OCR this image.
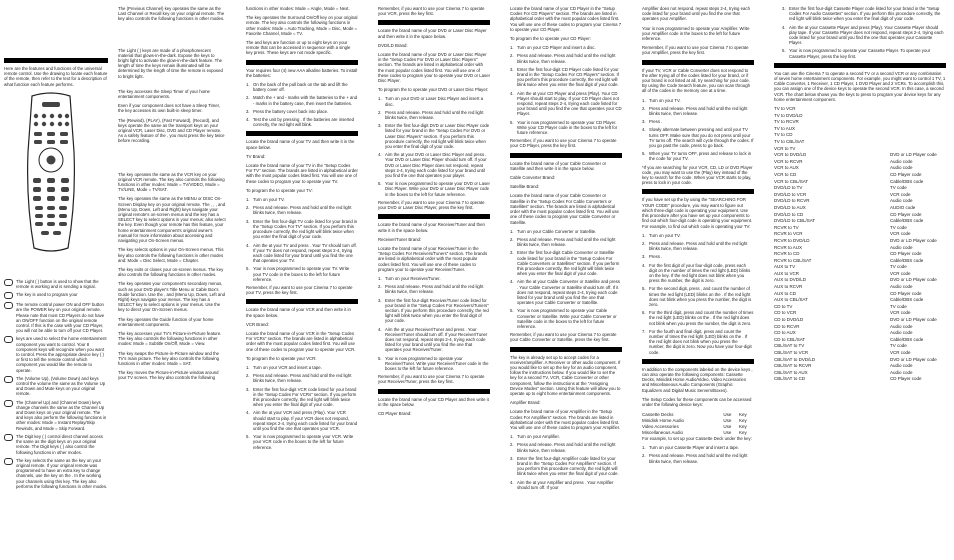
Here are the features and functions of the universal remote control. Use the drawing to locate each feature of the remote, then refer to the text for a description of what function each feature performs.

The Light ( ) button is used to show that the remote is working and is sending a signal.
The key is used to program your
The remote control power ON and OFF button are the POWER key on your original remote. Please note that most CD Players do not have an ON/OFF function on the original remote control. If this is the case with your CD Player, you will not be able to turn off your CD Player.
keys are used to select the home entertainment component you want to control. Your 8 component keys will recognize when you want to control. Press the appropriate device key ( ) or first to tell the remote control which component you would like the remote to operate.
The (Volume Up), (Volume Down) and keys control the volume the same as the Volume Up and Down and Mute keys on your original remote.
The (Channel Up) and (Channel Down) keys change channels the same as the Channel Up and Down keys on your original remote. The and keys also perform the following functions in other modes: Mode = Instant Replay/Skip Rewinds, and Mode = Skip Forward.
The Digit key ( ) control direct channel access the same as the digit keys on your original remote. The Digit keys ( ) also control the following functions in other modes.
The key selects the same as the key on your original remote. If your original remote was programmed to have an extra key to change channels, use the key on the . In the working your channels using this key. The key also performs the following functions in other modes.

The (Previous Channel) key operates the same as the Last Channel or Recall key on your original remote. The key also controls the following functions in other modes.

The Light ( ) keys are made of a phosphorescent material that glows-in-the-dark. Expose the keys to bright light to activate the glow-in-the-dark feature. The length of time the keys remain illuminated will be determined by the length of time the remote is exposed to bright light.

The key accesses the Sleep Timer of your home entertainment components.

Even if your component does not have a Sleep Timer, the key accesses its own built-in sleep timer.

The (Rewind), (PLAY), (Fast Forward), (Record), and keys operate the same as the transport keys on your original VCR, Laser Disc, DVD and CD Player remote. As a safety feature of the , you must press the key twice before recording.

The key operates the same as the VCR key on your original VCR remote. The key also controls the following functions in other modes: Mode = TV/VIDEO, Mode = TV/LINE, Mode = TV/SAT.

The key operates the same as the MENU or DISC On-Screen Display key on your original remote. The , , , and (Menu Up, Down, Left and Right) keys navigate your original remote's on-screen menus and the key has a SELECT key to select options in your menus; also select the key. Even though your remote has this feature, your home entertainment component's original owner's manual for more information about accessing and navigating your On-Screen menus.

The key selects options in your On-Screen menus. This key also controls the following functions in other modes and: Mode = Disc Select, Mode = Chapter.

The key exits or closes your on-screen menus. The key also controls the following functions in other modes.

The key operates your component's secondary menus, such as your DVD player's Title Menu or Cable Box's Guide function. Use the , and (Menu Up, Down, Left and Right) keys navigate your menus. The key has a SELECT key to select options in your menus. Use the key to direct your On-Screen menus.

The key operates the Guide function of your home entertainment components.

The key accesses your TV's Picture-in-Picture feature. The key also controls the following functions in other modes: Mode = Subtitle On/Off, Mode = View.

The key swaps the Picture-in-Picture window and the TV's main picture. The key also controls the following functions in other modes: Mode = SAT.

The key moves the Picture-in-Picture window around your TV screen. The key also controls the following

functions in other modes: Mode = Angle, Mode = Next.

The key operates the Surround On/Off key on your original remote. The key also controls the following functions in other modes: Mode = Auto Tracking, Mode = Disc, Mode = Favorite Channel, Mode = TV.

The and keys are function or up to eight keys on your remote that can be accessed in sequence with a single key press. These keys are not mode specific.

Your requires four (4) new AAA alkaline batteries. To install the batteries:

1. On the back of the pull back on the tab and lift the battery cover off.
2. Match the + and - marks with the batteries to the + and - marks in the battery case, then insert the batteries.
3. Press the battery cover back into place.
4. Test the unit by pressing . If the batteries are inserted correctly, the red light will blink.

Locate the brand name of your TV and then write it in the space below.

TV Brand:

Locate the brand name of your TV in the "Setup Codes For TV" section. The brands are listed in alphabetical order with the most popular codes listed first. You will use one of these codes to program your to operate your TV.

To program the to operate your TV:

1. Turn on your TV.
2. Press and release. Press and hold until the red light blinks twice, then release.
3. Enter the first four-digit TV code listed for your brand in the "Setup Codes For TV" section. If you perform this procedure correctly, the red light will blink twice when you enter the final digit of your code.
4. Aim the at your TV and press . Your TV should turn off. If your TV does not respond, repeat steps 2-4, trying each code listed for your brand until you find the one that operates your TV.
5. Your is now programmed to operate your TV. Write your TV code in the boxes to the left for future reference.

Remember, if you want to use your Cinema 7 to operate your TV, press the key first.

Locate the brand name of your VCR and then write it in the space below.

VCR Brand:

Locate the brand name of your VCR in the "Setup Codes For VCRs" section. The brands are listed in alphabetical order with the most popular codes listed first. You will use one of these codes to program your to operate your VCR.

To program the to operate your VCR:

1. Turn on your VCR and insert a tape.
2. Press and release. Press and hold until the red light blinks twice, then release.
3. Enter the first four-digit VCR code listed for your brand in the "Setup Codes For VCRs" section. If you perform this procedure correctly, the red light will blink twice when you enter the final digit of your code.
4. Aim the at your VCR and press (Play). Your VCR should start to play. If your VCR does not respond, repeat steps 2-4, trying each code listed for your brand until you find the one that operates your VCR.
5. Your is now programmed to operate your VCR. Write your VCR code in the boxes to the left for future reference.

Remember, if you want to use your Cinema 7 to operate your VCR, press the key first.

Locate the brand name of your DVD or Laser Disc Player and then write it in the space below.

DVD/LD Brand:

Locate the brand name of your DVD or Laser Disc Player in the "Setup Codes For DVD or Laser Disc Players" section. The brands are listed in alphabetical order with the most popular codes listed first. You will use one of these codes to program your to operate your DVD or Laser Disc Player.

To program the to operate your DVD or Laser Disc Player:

1. Turn on your DVD or Laser Disc Player and insert a disc.
2. Press and release. Press and hold until the red light blinks twice, then release.
3. Enter the first four-digit DVD or Laser Disc Player code listed for your brand in the "Setup Codes For DVD or Laser Disc Players" section. If you perform this procedure correctly, the red light will blink twice when you enter the final digit of your code.
4. Aim the at your DVD or Laser Disc Player and press . Your DVD or Laser Disc Player should turn off. If your DVD or Laser Disc Player does not respond, repeat steps 2-4, trying each code listed for your brand until you find the one that operates your player.
5. Your is now programmed to operate your DVD or Laser Disc Player. Write your DVD or Laser Disc Player code in the boxes to the left for future reference.

Remember, if you want to use your Cinema 7 to operate your DVD or Laser Disc Player, press the key first.

Locate the brand name of your Receiver/Tuner and then write it in the space below.

Receiver/Tuner Brand:

Locate the brand name of your Receiver/Tuner in the "Setup Codes For Receivers/Tuners" section. The brands are listed in alphabetical order with the most popular codes listed first. You will use one of these codes to program your to operate your Receiver/Tuner.

1. Turn on your Receiver/Tuner.
2. Press and release. Press and hold until the red light blinks twice, then release.
3. Enter the first four-digit Receiver/Tuner code listed for your brand in the "Setup Codes For Receivers/Tuners" section. If you perform this procedure correctly, the red light will blink twice when you enter the final digit of your code.
4. Aim the at your Receiver/Tuner and press . Your Receiver/Tuner should turn off. If your Receiver/Tuner does not respond, repeat steps 2-4, trying each code listed for your brand until you find the one that operates your Receiver/Tuner.
5. Your is now programmed to operate your Receiver/Tuner. Write your Receiver/Tuner code in the boxes to the left for future reference.

Remember, if you want to use your Cinema 7 to operate your Receiver/Tuner, press the key first.

Locate the brand name of your CD Player and then write it in the space below.

CD Player Brand:

Locate the brand name of your CD Player in the "Setup Codes For CD Players" section. The brands are listed in alphabetical order with the most popular codes listed first. You will use one of these codes to program your Cinema 7 to operate your CD Player.

To program the to operate your CD Player:

1. Turn on your CD Player and insert a disc.
2. Press and release. Press and hold until the red light blinks twice, then release.
3. Enter the first four-digit CD Player code listed for your brand in the "Setup Codes For CD Players" section. If you perform this procedure correctly, the red light will blink twice when you enter the final digit of your code.
4. Aim the at your CD Player and press (Play). Your CD Player should start to play. If your CD Player does not respond, repeat steps 2-4, trying each code listed for your brand until you find the one that operates your CD Player.
5. Your is now programmed to operate your CD Player. Write your CD Player code in the boxes to the left for future reference.

Remember, if you want to use your Cinema 7 to operate your CD Player, press the key first.

Locate the brand name of your Cable Converter or Satellite and then write it in the space below.

Cable Converter Brand:

Satellite Brand:

Locate the brand name of your Cable Converter or Satellite in the "Setup Codes For Cable Converters or Satellites" section. The brands are listed in alphabetical order with the most popular codes listed first. You will use one of these codes to program your Cable Converter or Satellite.

1. Turn on your Cable Converter or Satellite.
2. Press and release. Press and hold until the red light blinks twice, then release.
3. Enter the first four-digit Cable Converter or Satellite code listed for your brand in the "Setup Codes For Cable Converters or Satellites" section. If you perform this procedure correctly, the red light will blink twice when you enter the final digit of your code.
4. Aim the at your Cable Converter or Satellite and press . Your Cable Converter or Satellite should turn off. If it does not respond, repeat steps 2-4, trying each code listed for your brand until you find the one that operates your Cable Converter or Satellite.
5. Your is now programmed to operate your Cable Converter or Satellite. Write your Cable Converter or Satellite code in the boxes to the left for future reference.

Remember, if you want to use your Cinema 7 to operate your Cable Converter or Satellite, press the key first.

The key is already set up to accept codes for a receiver/amplifier. A Receiver or other audio component. If you would like to set up the key for an audio component, follow the instructions below. If you would like to set the key for a second TV, VCR, Cable Converter or other component, follow the instructions at the "Assigning Device Modes" section. Using this feature will allow you to operate up to eight home entertainment components.

Amplifier Brand:

Locate the brand name of your Amplifier in the "Setup Codes For Amplifiers" section. The brands are listed in alphabetical order with the most popular codes listed first. You will use one of these codes to program your Amplifier.

1. Turn on your Amplifier.
2. Press and release. Press and hold until the red light blinks twice, then release.
3. Enter the first four-digit Amplifier code listed for your brand in the "Setup Codes For Amplifiers" section. If you perform this procedure correctly, the red light will blink twice when you enter the final digit of your code.
4. Aim the at your Amplifier and press . Your Amplifier should turn off. If your

Amplifier does not respond, repeat steps 2-4, trying each code listed for your brand until you find the one that operates your Amplifier.

Your is now programmed to operate your Amplifier. Write your Amplifier code in the boxes to the left for future reference.

Remember, if you want to use your Cinema 7 to operate your Amplifier, press the key first.

If your TV, VCR or Cable Converter does not respond to the after trying all of the codes listed for your brand, or if your brand is not listed at all, try searching for your code. By using the Code Search feature, you can scan through all of the codes in the memory one at a time.

1. Turn on your TV.
2. Press and release. Press and hold until the red light blinks twice, then release.
3. Press .
4. Slowly alternate between pressing and until your TV turns OFF. Make sure that you do not press until your TV turns off. The search will cycle through the codes. If you go past the code, press to go back.
5. When your TV turns OFF, press and release to lock in the code for your TV.

*If you are searching for your VCR, CD, LD or DVD Player code, you may want to use the (Play) key instead of the key to search for the code. When your VCR starts to play, press to lock in your code.

If you have set up the by using the "SEARCHING FOR YOUR CODE" procedure, you may want to figure out which three-digit code is operating your equipment. Use this procedure after you have set up your components to find out which four-digit code is operating your equipment. For example, to find out which code is operating your TV:

1. Turn on your TV.
2. Press and release. Press and hold until the red light blinks twice, then release.
3. Press .
4. For the first digit of your four-digit code, press each digit on the number of times the red light (LED) blinks on the key. If the red light does not blink when you press the number, the digit is zero.
5. For the second digit, press , and count the number of times the red light (LED) blinks on the . If the red light does not blink when you press the number, the digit is zero.
6. For the third digit, press and count the number of times the red light (LED) blinks on the . If the red light does not blink when you press the number, the digit is zero.
7. For the fourth and final digit, press and count the number of times the red light (LED) blinks on the . If the red light does not blink when you press the number, the digit is zero. Now you have your four-digit code.

In addition to the components labeled on the device keys , can also operate the following components: Cassette Decks, Minidisk Home Audio/Video, Video Accessories and Miscellaneous Audio Components (Graphic Equalizers and Digital Music Servers/Boxes).

The Setup Codes for these components can be accessed under the following device keys:

Cassette Decks	Use	Key
Minidisk Home Audio	Use	Key
Video Accessories	Use	Key
Miscellaneous Audio	Use	Key

For example, to set up your Cassette Deck under the key:

1. Turn on your Cassette Player and insert a tape.
2. Press and release. Press and hold until the red light blinks twice, then release.
3. Enter the first four-digit Cassette Player code listed for your brand in the "Setup Codes For Audio Cassettes" section. If you perform this procedure correctly, the red light will blink twice when you enter the final digit of your code.
4. Aim the at your Cassette Player and press (Play). Your Cassette Player should play tape. If your Cassette Player does not respond, repeat steps 2-4, trying each code listed for your brand until you find the one that operates your Cassette Player.
5. Your is now programmed to operate your Cassette Player. To operate your Cassette Player, press the key first.

You can use the Cinema 7 to operate a second TV or a second VCR or any combination of seven home entertainment components. For example, you might want to control 1 TV, 1 Cable Converter, 1 Receiver, 1 CD Player, 1 DVD Player and 2 VCRs. To accomplish this, you can assign one of the device keys to operate the second VCR. In this case, a second VCR. The chart below shows you the keys to press to program your device keys for any home entertainment component.

TV to VCR
TV to DVD/LD
TV to RCVR
TV to AUX
TV to CD
TV to CBL/SAT
VCR to TV
VCR to DVD/LD	DVD or LD Player code
VCR to RCVR	Audio code
VCR to AUX	Audio code
VCR to CD	CD Player code
VCR to CBL/SAT	Cable/DBS code
DVD/LD to TV	TV code
DVD/LD to VCR	VCR code
DVD/LD to RCVR	Audio code
DVD/LD to AUX	AUDIO code
DVD/LD to CD	CD Player code
DVD/LD to CBL/SAT	Cable/DBS code
RCVR to TV	TV code
RCVR to VCR	VCR code
RCVR to DVD/LD	DVD or LD Player code
RCVR to AUX	Audio code
RCVR to CD	CD Player code
RCVR to CBL/SAT	Cable/DBS code
AUX to TV	TV code
AUX to VCR	VCR code
AUX to DVD/LD	DVD or LD Player code
AUX to RCVR	Audio code
AUX to CD	CD Player code
AUX to CBL/SAT	Cable/DBS code
CD to TV	TV code
CD to VCR	VCR code
CD to DVD/LD	DVD or LD Player code
CD to RCVR	Audio code
CD to AUX	Audio code
CD to CBL/SAT	Cable/DBS code
CBL/SAT to TV	TV code
CBL/SAT to VCR	VCR code
CBL/SAT to DVD/LD	DVD or LD Player code
CBL/SAT to RCVR	Audio code
CBL/SAT to AUX	Audio code
CBL/SAT to CD	CD Player code
